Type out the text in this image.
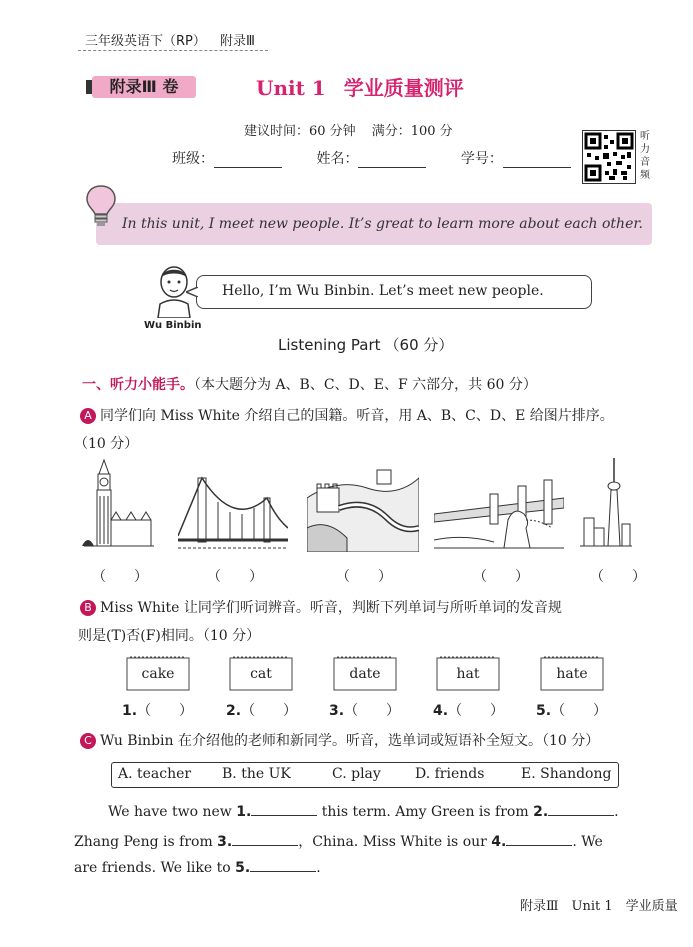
三年级英语下（RP） 附录Ⅲ
附录Ⅲ 卷	Unit 1 学业质量测评
建议时间：60 分钟 满分：100 分
班级：	姓名：	学号：
听力音频
In this unit, I meet new people. It’s great to learn more about each other.
Wu Binbin
Hello, I’m Wu Binbin. Let’s meet new people.
Listening Part （60 分）
一、听力小能手。（本大题分为 A、B、C、D、E、F 六部分，共 60 分）
A 同学们向 Miss White 介绍自己的国籍。听音，用 A、B、C、D、E 给图片排序。
（10 分）
（　　）	（　　）	（　　）	（　　）	（　　）
B Miss White 让同学们听词辨音。听音，判断下列单词与所听单词的发音规
则是(T)否(F)相同。（10 分）
cake	cat	date	hat	hate
1.（　　） 2.（　　） 3.（　　） 4.（　　） 5.（　　）
C Wu Binbin 在介绍他的老师和新同学。听音，选单词或短语补全短文。（10 分）
A. teacher B. the UK	C. play D. friends	E. Shandong
We have two new 1.	this term. Amy Green is from 2.	.
Zhang Peng is from 3.	，China. Miss White is our 4.	. We
are friends. We like to 5.	.
附录Ⅲ　Unit 1　学业质量
